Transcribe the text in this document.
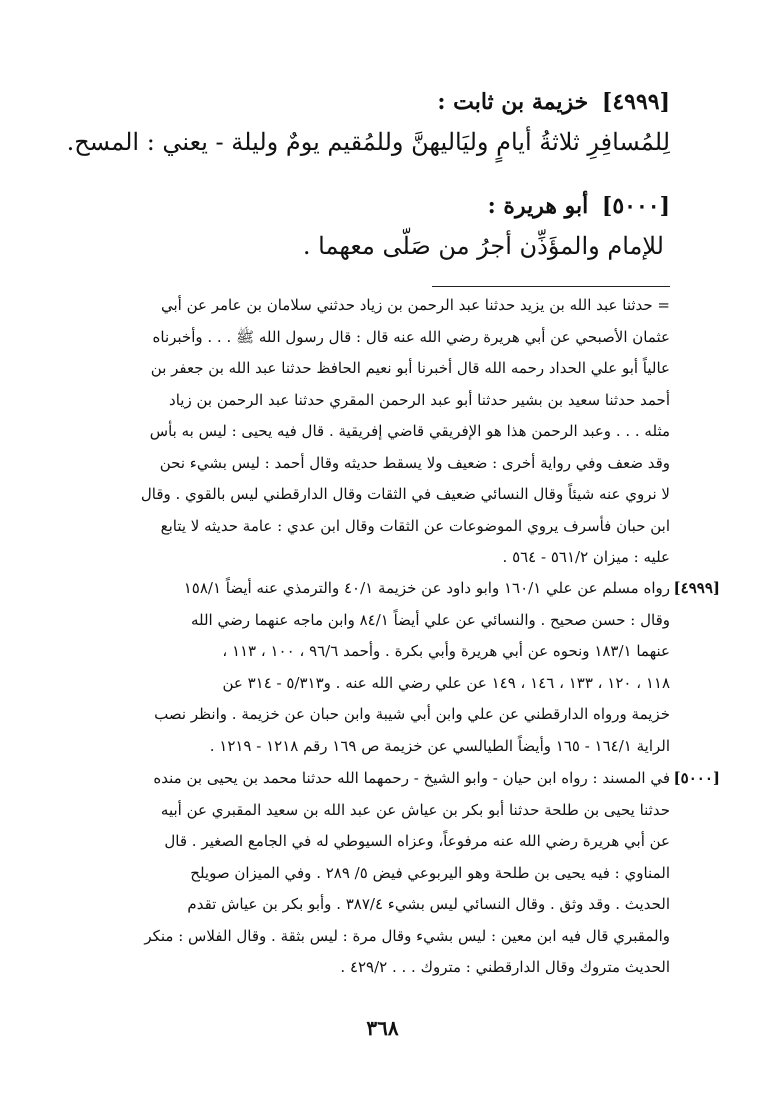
[٤٩٩٩] خزيمة بن ثابت :
لِلمُسافِرِ ثلاثةُ أيامٍ وليَاليهنَّ وللمُقيم يومٌ وليلة - يعني : المسح.
[٥٠٠٠] أبو هريرة :
للإمام والمؤَذِّن أجرُ من صَلّى معهما .
= حدثنا عبد الله بن يزيد حدثنا عبد الرحمن بن زياد حدثني سلامان بن عامر عن أبي
عثمان الأصبحي عن أبي هريرة رضي الله عنه قال : قال رسول الله ﷺ . . . وأخبرناه
عالياً أبو علي الحداد رحمه الله قال أخبرنا أبو نعيم الحافظ حدثنا عبد الله بن جعفر بن
أحمد حدثنا سعيد بن بشير حدثنا أبو عبد الرحمن المقري حدثنا عبد الرحمن بن زياد
مثله . . . وعبد الرحمن هذا هو الإفريقي قاضي إفريقية . قال فيه يحيى : ليس به بأس
وقد ضعف وفي رواية أخرى : ضعيف ولا يسقط حديثه وقال أحمد : ليس بشيء نحن
لا نروي عنه شيئاً وقال النسائي ضعيف في الثقات وقال الدارقطني ليس بالقوي . وقال
ابن حبان فأسرف يروي الموضوعات عن الثقات وقال ابن عدي : عامة حديثه لا يتابع
عليه : ميزان ٥٦١/٢ - ٥٦٤ .
[٤٩٩٩]
رواه مسلم عن علي ١٦٠/١ وابو داود عن خزيمة ٤٠/١ والترمذي عنه أيضاً ١٥٨/١
وقال : حسن صحيح . والنسائي عن علي أيضاً ٨٤/١ وابن ماجه عنهما رضي الله
عنهما ١٨٣/١ ونحوه عن أبي هريرة وأبي بكرة . وأحمد ٩٦/٦ ، ١٠٠ ، ١١٣ ،
١١٨ ، ١٢٠ ، ١٣٣ ، ١٤٦ ، ١٤٩ عن علي رضي الله عنه . و٥/٣١٣ - ٣١٤ عن
خزيمة ورواه الدارقطني عن علي وابن أبي شيبة وابن حبان عن خزيمة . وانظر نصب
الراية ١٦٤/١ - ١٦٥ وأيضاً الطيالسي عن خزيمة ص ١٦٩ رقم ١٢١٨ - ١٢١٩ .
[٥٠٠٠]
في المسند : رواه ابن حيان - وابو الشيخ - رحمهما الله حدثنا محمد بن يحيى بن منده
حدثنا يحيى بن طلحة حدثنا أبو بكر بن عياش عن عبد الله بن سعيد المقبري عن أبيه
عن أبي هريرة رضي الله عنه مرفوعاً، وعزاه السيوطي له في الجامع الصغير . قال
المناوي : فيه يحيى بن طلحة وهو اليربوعي فيض ٥/ ٢٨٩ . وفي الميزان صويلح
الحديث . وقد وثق . وقال النسائي ليس بشيء ٣٨٧/٤ . وأبو بكر بن عياش تقدم
والمقبري قال فيه ابن معين : ليس بشيء وقال مرة : ليس بثقة . وقال الفلاس : منكر
الحديث متروك وقال الدارقطني : متروك . . . ٤٢٩/٢ .
٣٦٨
